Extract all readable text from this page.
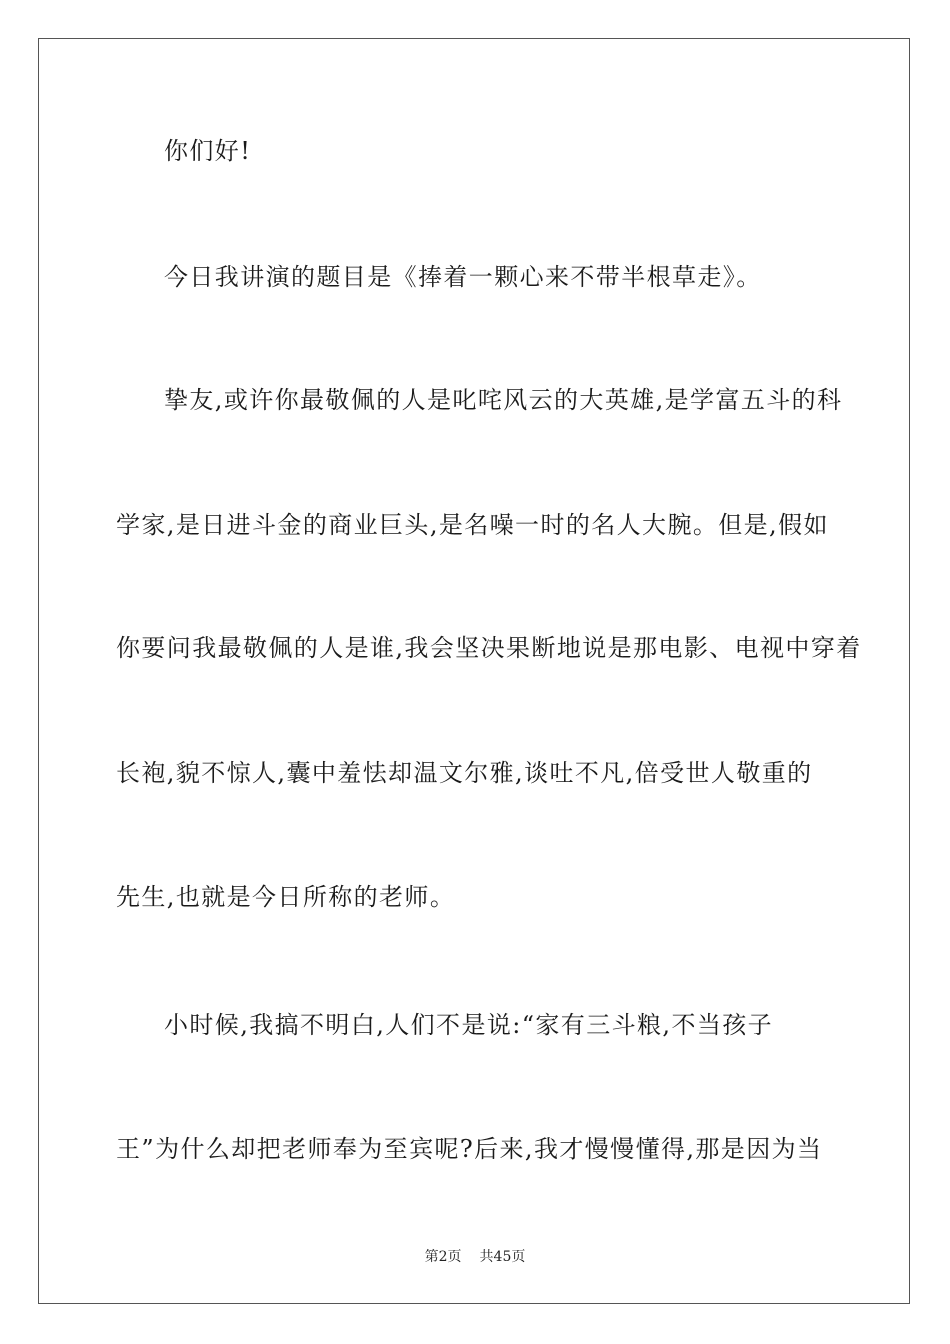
你们好!
今日我讲演的题目是《捧着一颗心来不带半根草走》。
挚友,或许你最敬佩的人是叱咤风云的大英雄,是学富五斗的科
学家,是日进斗金的商业巨头,是名噪一时的名人大腕。但是,假如
你要问我最敬佩的人是谁,我会坚决果断地说是那电影、电视中穿着
长袍,貌不惊人,囊中羞怯却温文尔雅,谈吐不凡,倍受世人敬重的
先生,也就是今日所称的老师。
小时候,我搞不明白,人们不是说:“家有三斗粮,不当孩子
王”为什么却把老师奉为至宾呢?后来,我才慢慢懂得,那是因为当
第2页 共45页
